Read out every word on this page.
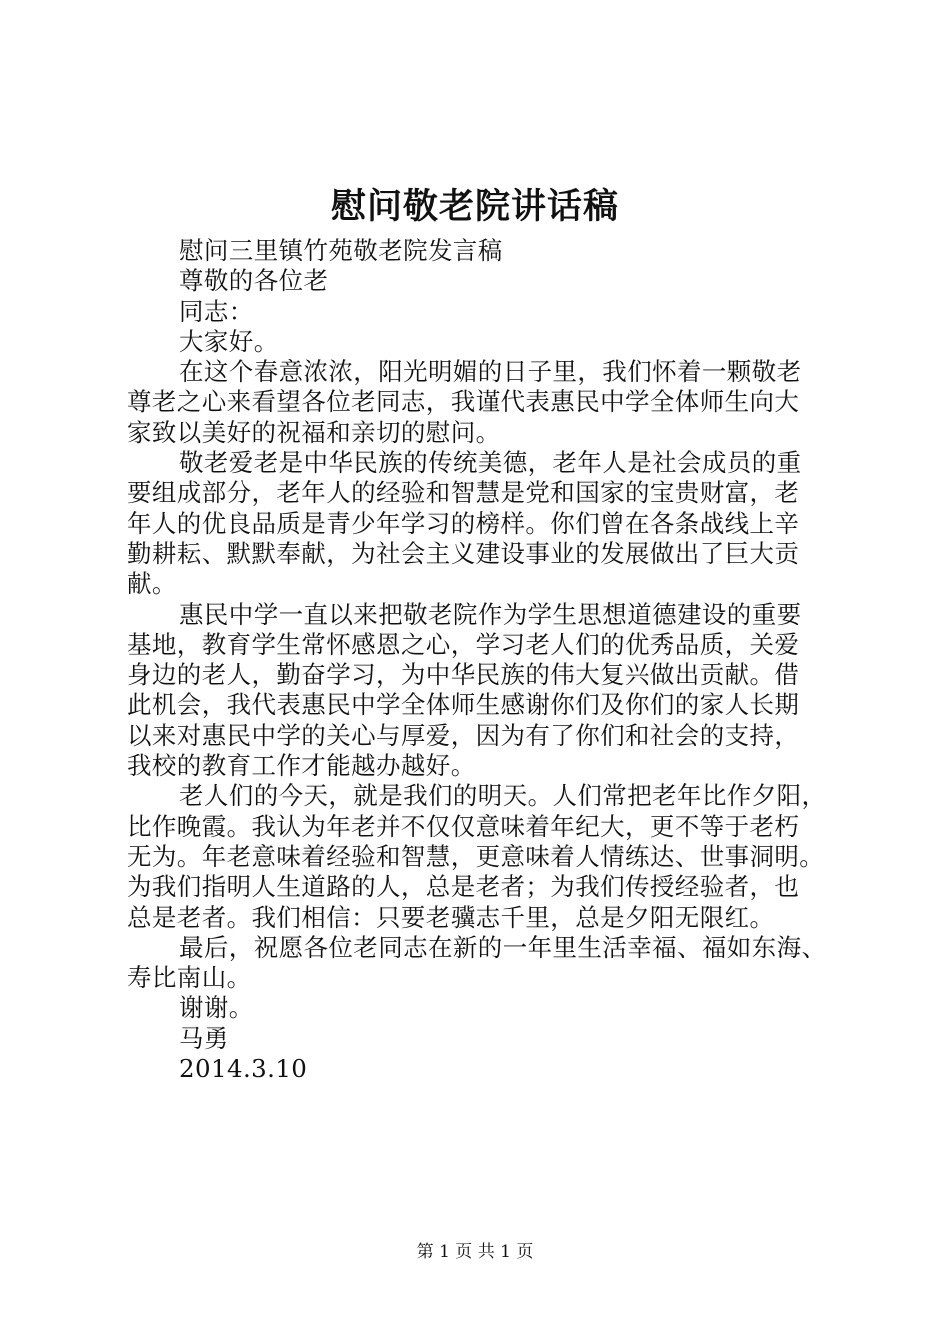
慰问敬老院讲话稿
慰问三里镇竹苑敬老院发言稿
尊敬的各位老
同志：
大家好。
在这个春意浓浓，阳光明媚的日子里，我们怀着一颗敬老
尊老之心来看望各位老同志，我谨代表惠民中学全体师生向大
家致以美好的祝福和亲切的慰问。
敬老爱老是中华民族的传统美德，老年人是社会成员的重
要组成部分，老年人的经验和智慧是党和国家的宝贵财富，老
年人的优良品质是青少年学习的榜样。你们曾在各条战线上辛
勤耕耘、默默奉献，为社会主义建设事业的发展做出了巨大贡
献。
惠民中学一直以来把敬老院作为学生思想道德建设的重要
基地，教育学生常怀感恩之心，学习老人们的优秀品质，关爱
身边的老人，勤奋学习，为中华民族的伟大复兴做出贡献。借
此机会，我代表惠民中学全体师生感谢你们及你们的家人长期
以来对惠民中学的关心与厚爱，因为有了你们和社会的支持，
我校的教育工作才能越办越好。
老人们的今天，就是我们的明天。人们常把老年比作夕阳，
比作晚霞。我认为年老并不仅仅意味着年纪大，更不等于老朽
无为。年老意味着经验和智慧，更意味着人情练达、世事洞明。
为我们指明人生道路的人，总是老者；为我们传授经验者，也
总是老者。我们相信：只要老骥志千里，总是夕阳无限红。
最后，祝愿各位老同志在新的一年里生活幸福、福如东海、
寿比南山。
谢谢。
马勇
2014.3.10
第 1 页 共 1 页
